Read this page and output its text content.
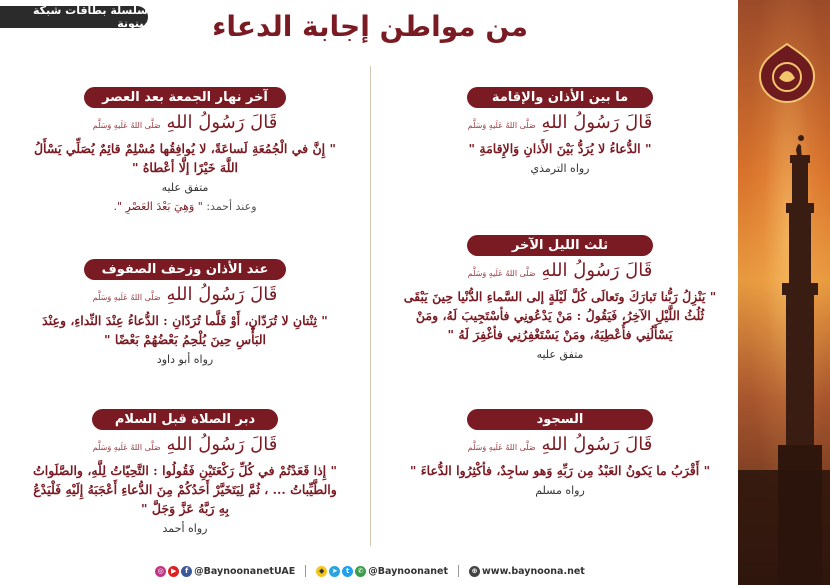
سلسلة بطاقات شبكة بينونة	من مواطن إجابة الدعاء
ما بين الأذان والإقامة
قَالَ رَسُولُ اللهِ صَلَّى اللهُ عَلَيهِ وَسَلَّم
" الدُّعاءُ لا يُرَدُّ بَيْنَ الأَذانِ وَالإِقامَةِ "
رواه الترمذي
ثلث الليل الآخر
قَالَ رَسُولُ اللهِ صَلَّى اللهُ عَلَيهِ وَسَلَّم
" يَنْزِلُ رَبُّنا تَبارَكَ وتَعالَى كُلَّ لَيْلَةٍ إلى السَّماءِ الدُّنْيا حِينَ يَبْقَى ثُلُثُ اللَّيْلِ الآخِرُ، فَيَقُولُ : مَنْ يَدْعُونِي فأسْتَجِيبَ لَهُ، ومَنْ يَسْأَلُنِي فأُعْطِيَهُ، ومَنْ يَسْتَغْفِرُنِي فأغْفِرَ لَهُ "
متفق عليه
السجود
قَالَ رَسُولُ اللهِ صَلَّى اللهُ عَلَيهِ وَسَلَّم
" أَقْرَبُ ما يَكونُ العَبْدُ مِن رَبِّهِ وَهو ساجِدٌ، فأكْثِرُوا الدُّعاءَ "
رواه مسلم
آخر نهار الجمعة بعد العصر
قَالَ رَسُولُ اللهِ صَلَّى اللهُ عَلَيهِ وَسَلَّم
" إِنَّ في الْجُمُعَةِ لَساعَةً، لا يُوافِقُها مُسْلِمٌ قائِمٌ يُصَلِّي يَسْأَلُ اللَّهَ خَيْرًا إلَّا أعْطاهُ "
متفق عليه
وعند أحمد: " وَهِيَ بَعْدَ العَصْرِ ".
عند الأذان وزحف الصفوف
قَالَ رَسُولُ اللهِ صَلَّى اللهُ عَلَيهِ وَسَلَّم
" ثِنْتانِ لا تُرَدّانِ، أَوْ قَلَّما تُرَدّانِ : الدُّعاءُ عِنْدَ النِّداءِ، وعِنْدَ البَأْسِ حِينَ يُلْحِمُ بَعْضُهُمْ بَعْضًا "
رواه أبو داود
دبر الصلاة قبل السلام
قَالَ رَسُولُ اللهِ صَلَّى اللهُ عَلَيهِ وَسَلَّم
" إِذا قَعَدْتُمْ في كُلِّ رَكْعَتَيْنِ فَقُولُوا : التَّحِيّاتُ لِلَّهِ، والصَّلَواتُ والطَّيِّباتُ ... ، ثُمَّ لِيَتَخَيَّرْ أَحَدُكُمْ مِنَ الدُّعاءِ أَعْجَبَهُ إِلَيْهِ فَلْيَدْعُ بِهِ رَبَّهُ عَزَّ وَجَلَّ "
رواه أحمد
◎	▶	f @BaynoonanetUAE	◆	➤	t	✆ @Baynoonanet	⊕ www.baynoona.net
